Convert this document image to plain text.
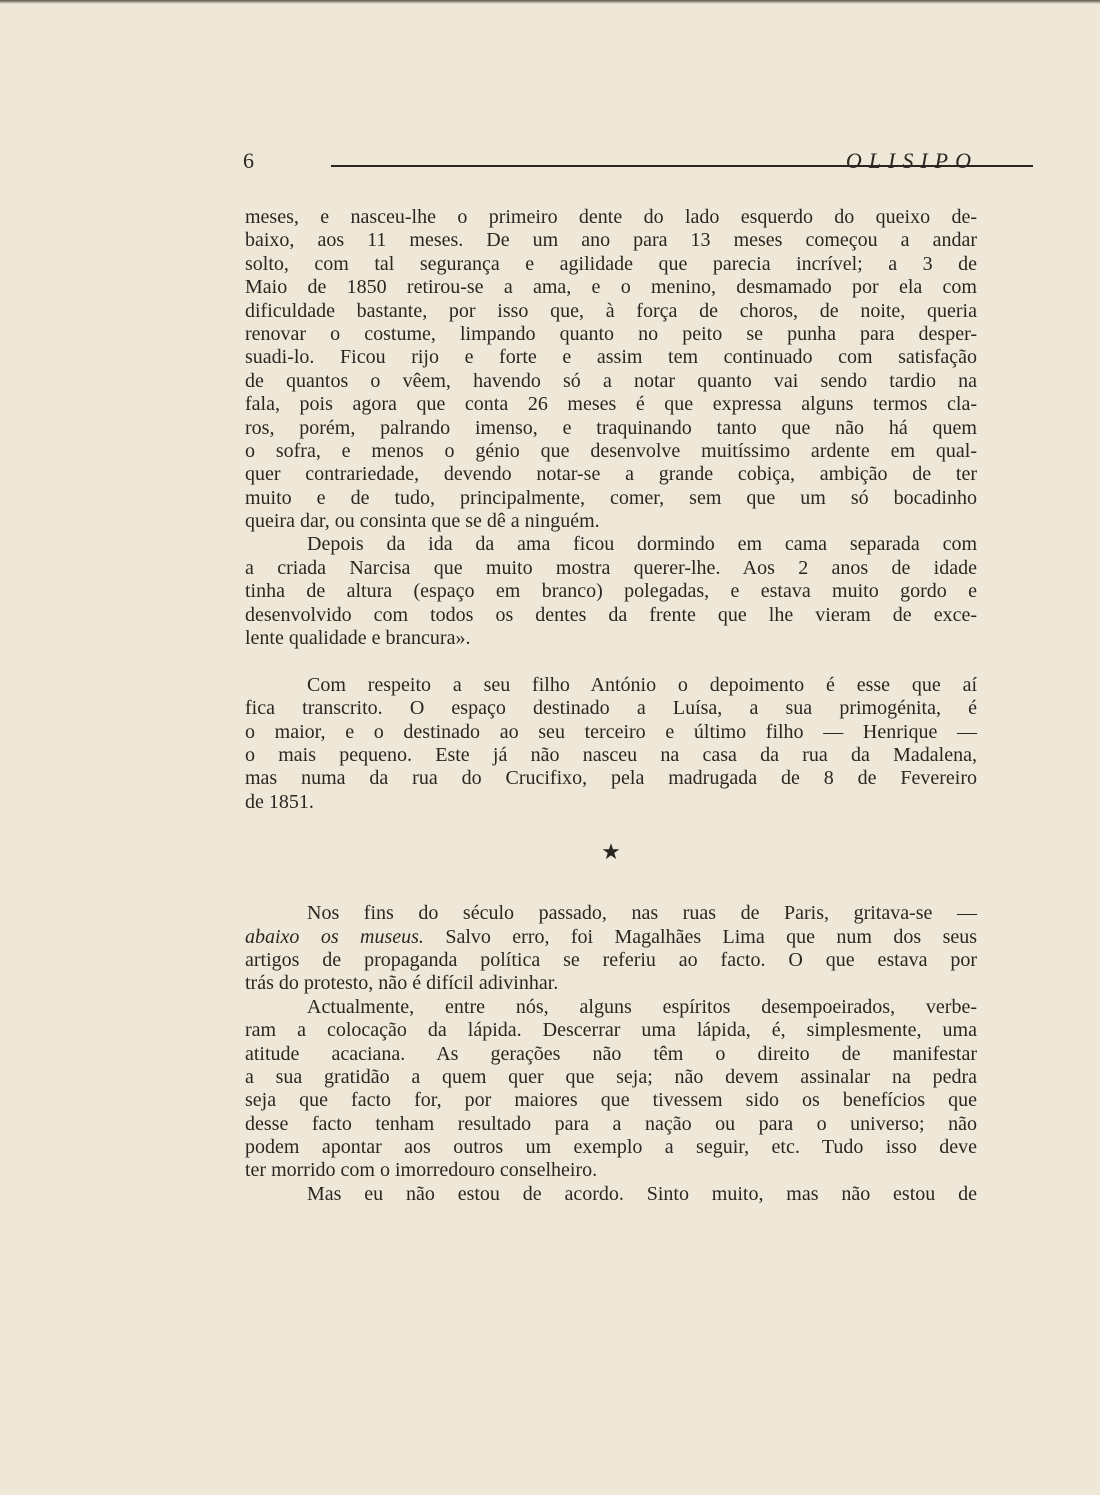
6	OLISIPO
meses, e nasceu-lhe o primeiro dente do lado esquerdo do queixo de-
baixo, aos 11 meses. De um ano para 13 meses começou a andar
solto, com tal segurança e agilidade que parecia incrível; a 3 de
Maio de 1850 retirou-se a ama, e o menino, desmamado por ela com
dificuldade bastante, por isso que, à força de choros, de noite, queria
renovar o costume, limpando quanto no peito se punha para desper-
suadi-lo. Ficou rijo e forte e assim tem continuado com satisfação
de quantos o vêem, havendo só a notar quanto vai sendo tardio na
fala, pois agora que conta 26 meses é que expressa alguns termos cla-
ros, porém, palrando imenso, e traquinando tanto que não há quem
o sofra, e menos o génio que desenvolve muitíssimo ardente em qual-
quer contrariedade, devendo notar-se a grande cobiça, ambição de ter
muito e de tudo, principalmente, comer, sem que um só bocadinho
queira dar, ou consinta que se dê a ninguém.
Depois da ida da ama ficou dormindo em cama separada com
a criada Narcisa que muito mostra querer-lhe. Aos 2 anos de idade
tinha de altura (espaço em branco) polegadas, e estava muito gordo e
desenvolvido com todos os dentes da frente que lhe vieram de exce-
lente qualidade e brancura».
Com respeito a seu filho António o depoimento é esse que aí
fica transcrito. O espaço destinado a Luísa, a sua primogénita, é
o maior, e o destinado ao seu terceiro e último filho — Henrique —
o mais pequeno. Este já não nasceu na casa da rua da Madalena,
mas numa da rua do Crucifixo, pela madrugada de 8 de Fevereiro
de 1851.
★
Nos fins do século passado, nas ruas de Paris, gritava-se —
abaixo os museus. Salvo erro, foi Magalhães Lima que num dos seus
artigos de propaganda política se referiu ao facto. O que estava por
trás do protesto, não é difícil adivinhar.
Actualmente, entre nós, alguns espíritos desempoeirados, verbe-
ram a colocação da lápida. Descerrar uma lápida, é, simplesmente, uma
atitude acaciana. As gerações não têm o direito de manifestar
a sua gratidão a quem quer que seja; não devem assinalar na pedra
seja que facto for, por maiores que tivessem sido os benefícios que
desse facto tenham resultado para a nação ou para o universo; não
podem apontar aos outros um exemplo a seguir, etc. Tudo isso deve
ter morrido com o imorredouro conselheiro.
Mas eu não estou de acordo. Sinto muito, mas não estou de
